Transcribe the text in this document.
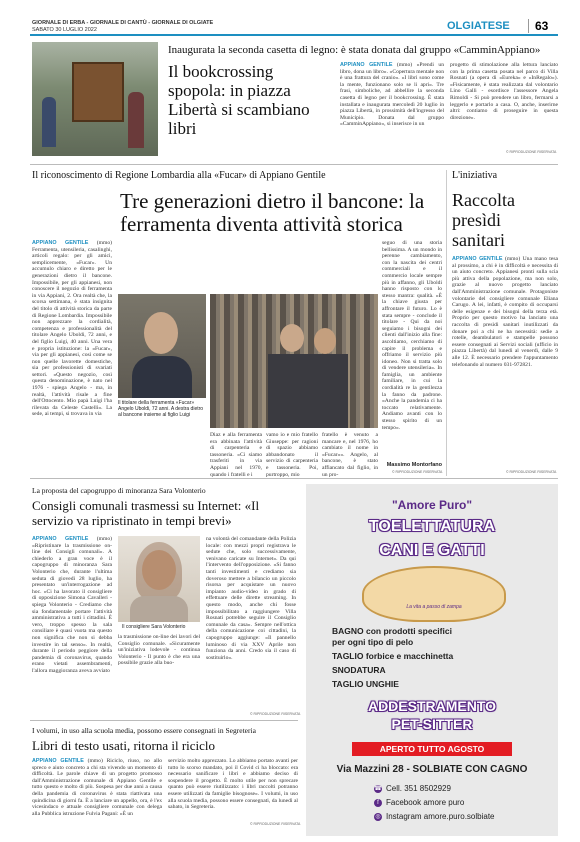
GIORNALE DI ERBA - GIORNALE DI CANTÙ - GIORNALE DI OLGIATE
SABATO 30 LUGLIO 2022	OLGIATESE 63
Inaugurata la seconda casetta di legno: è stata donata dal gruppo «CamminAppiano»
Il bookcrossing spopola: in piazza Libertà si scambiano libri
APPIANO GENTILE (mmo) «Prendi un libro, dona un libro». «Copertura mentale non è una frattura del cranio». «I libri sono come la mente, funzionano solo se li apri». Tre frasi, simboliche, ad abbellire la seconda casetta di legno per il bookcrossing. È stata installata e inaugurata mercoledì 20 luglio in piazza Libertà, in prossimità dell'ingresso del Municipio. Donata dal gruppo «CamminAppiano», si inserisce in un
progetto di stimolazione alla lettura lanciato con la prima casetta posata nel parco di Villa Rosnati (a opera di «Eureka» e «InRegalo»). «Fisicamente, è stata realizzata dal volontario Lino Galli - esordisce l'assessore Angela Rimoldi - Si può prendere un libro, fermarsi a leggerlo e portarlo a casa. O, anche, inserirne altri: contiamo di proseguire in questa direzione».
© RIPRODUZIONE RISERVATA
Il riconoscimento di Regione Lombardia alla «Fucar» di Appiano Gentile
Tre generazioni dietro il bancone: la ferramenta diventa attività storica
APPIANO GENTILE (mmo) Ferramenta, utensileria, casalinghi, articoli regalo: per gli amici, semplicemente, «Fucar». Un accumulo chiaro e diretto per le generazioni dietro il bancone. Impossibile, per gli appianesi, non conoscere il negozio di ferramenta in via Appiani, 2. Ora realtà che, la scorsa settimana, è stata insignita del titolo di attività storica da parte di Regione Lombardia. Impossibile non apprezzare la cordialità, competenza e professionalità del titolare Angelo Uboldi, 72 anni, e del figlio Luigi, 40 anni. Una vera e propria istituzione: la «Fucar», via per gli appianesi, così come se non quelle lavorette domestiche, sia per professionisti di svariati settori. «Questo negozio, così questa denominazione, è nato nel 1976 - spiega Angelo - ma, in realtà, l'attività risale a fine dell'Ottocento. Mio papà Luigi l'ha rilevata da Celeste Castelli». La sede, ai tempi, si trovava in via
Il titolare della ferramenta «Fucar» Angelo Uboldi, 72 anni. A destra dietro al bancone insieme al figlio Luigi
Diaz e alla ferramenta era abbinata l'attività di carpenteria e tassoneria. «Ci siamo trasferiti in via Appiani nel 1970, quando i fratelli e i
vamo io e mio fratello Giuseppe: per ragioni di spazio abbiamo abbandonato il servizio di carpenteria e tassoneria. Poi, purtroppo, mio
fratello è venuto a mancare e, nel 1976, ho cambiato il nome in «Fucar»». Angelo, al bancone, è stato affiancato dal figlio, in un pro-
seguo di una storia bellissima. A un mondo in perenne cambiamento, con la nascita dei centri commerciali e il commercio locale sempre più in affanno, gli Uboldi hanno risposto con lo stesso mantra: qualità. «È la chiave giusta per affrontare il futuro. Lo è stata sempre - conclude il titolare - Qui da noi seguiamo i bisogni dei clienti dall'inizio alla fine: ascoltiamo, cerchiamo di capire il problema e offriamo il servizio più idoneo. Non si tratta solo di vendere utensileria». In famiglia, un ambiente familiare, in cui la cordialità re la gentilezza la fanno da padrone. «Anche la pandemia ci ha toccato relativamente. Andiamo avanti con lo stesso spirito di un tempo».
Massimo Montorfano
© RIPRODUZIONE RISERVATA
L'iniziativa
Raccolta presìdi sanitari
APPIANO GENTILE (mmo) Una mano tesa al prossimo, a chi è in difficoltà e necessita di un aiuto concreto. Appianesi pronti sulla scia più attiva della popolazione, ma non solo, grazie al nuovo progetto lanciato dall'Amministrazione comunale. Protagoniste volontarie del consigliere comunale Eliana Carugo. A lei, infatti, è compito di occuparsi delle esigenze e dei bisogni della terza età. Proprio per questo motivo ha lanciato una raccolta di presìdi sanitari inutilizzati da donare poi a chi ne ha necessità: sedie a rotelle, deambulatori e stampelle possono essere consegnati ai Servizi sociali (ufficio in piazza Libertà) dal lunedì al venerdì, dalle 9 alle 12. È necessario prendere l'appuntamento telefonando al numero 031-972821.
© RIPRODUZIONE RISERVATA
La proposta del capogruppo di minoranza Sara Volonterio
Consigli comunali trasmessi su Internet: «Il servizio va ripristinato in tempi brevi»
APPIANO GENTILE (mmo) «Ripristinare la trasmissione on-line dei Consigli comunali». A chiederlo a gran voce è il capogruppo di minoranza Sara Volonterio che, durante l'ultima seduta di giovedì 28 luglio, ha presentato un'interrogazione ad hoc. «Ci ha lavorato il consigliere di opposizione Simona Cavalleri - spiega Volonterio - Crediamo che sia fondamentale portare l'attività amministrativa a tutti i cittadini. È vero, troppo spesso la sala consiliare è quasi vuota ma questo non significa che non si debba investire in tal senso». In realtà, durante il periodo peggiore della pandemia di coronavirus, quando erano vietati assembramenti, l'allora maggioranza aveva avviato
Il consigliere Sara Volonterio
la trasmissione on-line dei lavori del Consiglio comunale. «Sicuramente un'iniziativa lodevole - continua Volonterio - Il punto è che era una possibile grazie alla buo-
na volontà del comandante della Polizia locale: con mezzi propri registrava le sedute che, solo successivamente, venivano caricate su Internet». Da qui l'intervento dell'opposizione. «Si fanno tanti investimenti e crediamo sia doveroso mettere a bilancio un piccolo risorsa per acquistare un nuovo impianto audio-video in grado di effettuare delle dirette streaming. In questo modo, anche chi fosse impossibilitato a raggiungere Villa Rosnati potrebbe seguire il Consiglio comunale da casa». Sempre nell'ottica della comunicazione coi cittadini, la capogruppo aggiunge: «Il pannello luminoso di via XXV Aprile non funziona da anni. Credo sia il caso di sostituirlo».
© RIPRODUZIONE RISERVATA
I volumi, in uso alla scuola media, possono essere consegnati in Segreteria
Libri di testo usati, ritorna il riciclo
APPIANO GENTILE (mmo) Riciclo, riuso, no allo spreco e aiuto concreto a chi sta vivendo un momento di difficoltà. Le parole chiave di un progetto promosso dall'Amministrazione comunale di Appiano Gentile e tutto questo e molto di più. Sospesa per due anni a causa della pandemia di coronavirus è stata riattivata una quindicina di giorni fa. È a lanciare un appello, ora, è l'ex vicesindaco e attuale consigliere comunale con delega alla Pubblica istruzione Fulvia Pagani: «È un
servizio molto apprezzato. Lo abbiamo portato avanti per tutto lo scorso mandato, poi il Covid ci ha bloccato: era necessario sanificare i libri e abbiamo deciso di sospendere il progetto. È molto utile per non sprecare quanto può essere riutilizzato: i libri raccolti potranno essere utilizzati da famiglie bisognose». I volumi, in uso alla scuola media, possono essere consegnati, da lunedì al sabato, in Segreteria.
© RIPRODUZIONE RISERVATA
"Amore Puro"
TOELETTATURA
CANI E GATTI
La vita a passo di zampa
BAGNO con prodotti specifici
per ogni tipo di pelo
TAGLIO forbice e macchinetta
SNODATURA
TAGLIO UNGHIE
ADDESTRAMENTO
PET-SITTER
APERTO TUTTO AGOSTO
Via Mazzini 28 - SOLBIATE CON CAGNO
☎ Cell. 351 8502929
f Facebook amore puro
◎ Instagram amore.puro.solbiate
